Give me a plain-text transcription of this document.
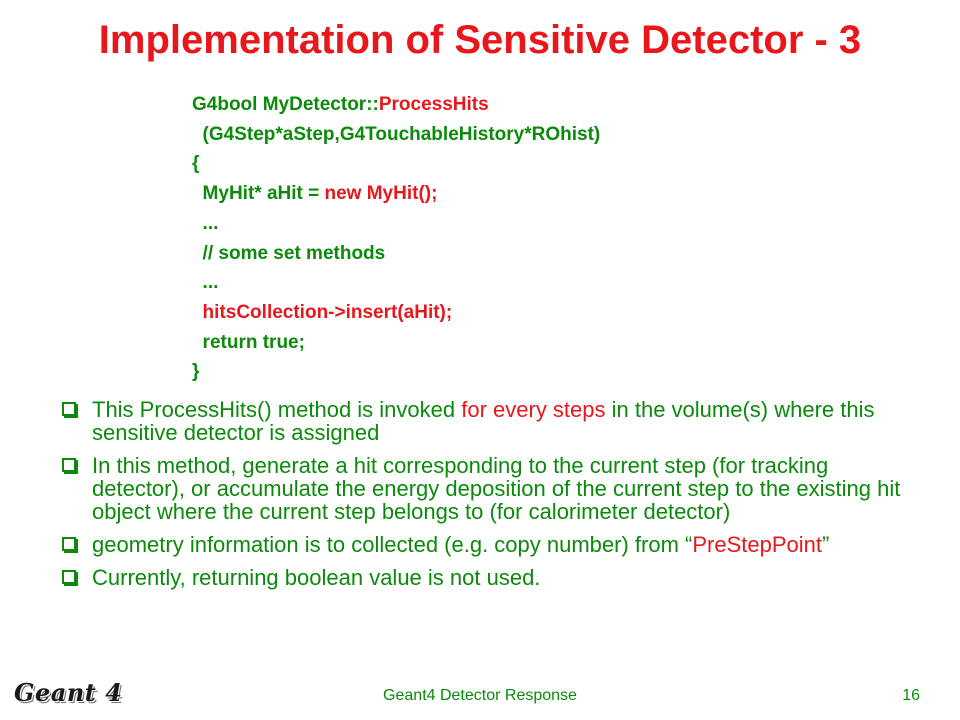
Implementation of Sensitive Detector - 3
G4bool MyDetector::ProcessHits
(G4Step*aStep,G4TouchableHistory*ROhist)
{
MyHit* aHit = new MyHit();
...
// some set methods
...
hitsCollection->insert(aHit);
return true;
}
This ProcessHits() method is invoked for every steps in the volume(s) where this sensitive detector is assigned
In this method, generate a hit corresponding to the current step (for tracking detector), or accumulate the energy deposition of the current step to the existing hit object where the current step belongs to (for calorimeter detector)
geometry information is to collected (e.g. copy number) from “PreStepPoint”
Currently, returning boolean value is not used.
Geant 4	Geant4 Detector Response	16
